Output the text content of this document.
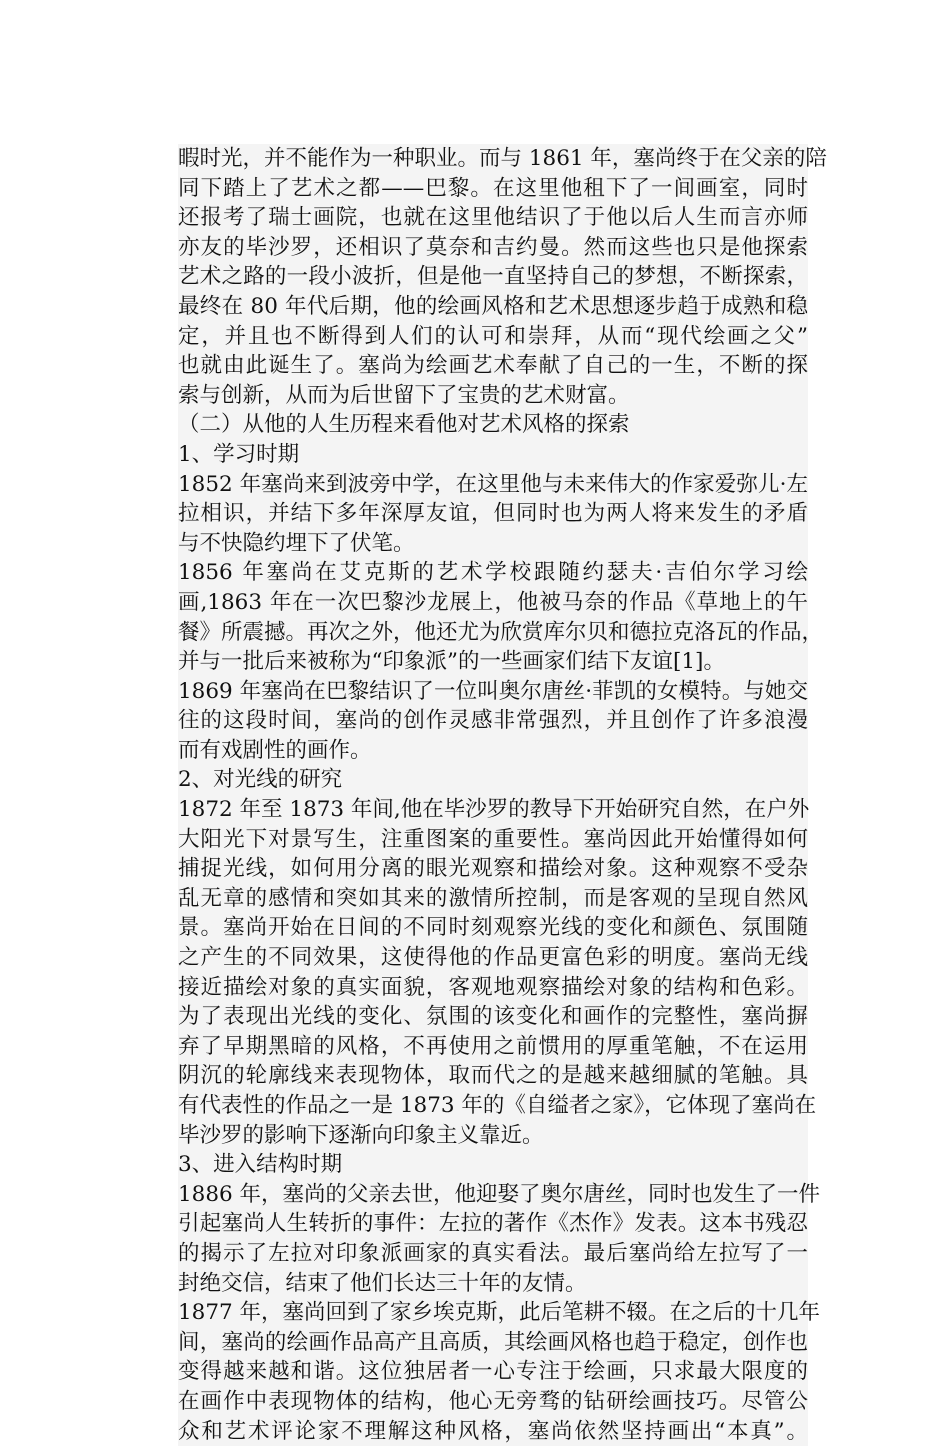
暇时光，并不能作为一种职业。而与 1861 年，塞尚终于在父亲的陪
同下踏上了艺术之都——巴黎。在这里他租下了一间画室，同时
还报考了瑞士画院，也就在这里他结识了于他以后人生而言亦师
亦友的毕沙罗，还相识了莫奈和吉约曼。然而这些也只是他探索
艺术之路的一段小波折，但是他一直坚持自己的梦想，不断探索，
最终在 80 年代后期，他的绘画风格和艺术思想逐步趋于成熟和稳
定，并且也不断得到人们的认可和崇拜，从而“现代绘画之父”
也就由此诞生了。塞尚为绘画艺术奉献了自己的一生，不断的探
索与创新，从而为后世留下了宝贵的艺术财富。

（二）从他的人生历程来看他对艺术风格的探索

1、学习时期

1852 年塞尚来到波旁中学，在这里他与未来伟大的作家爱弥儿·左
拉相识，并结下多年深厚友谊，但同时也为两人将来发生的矛盾
与不快隐约埋下了伏笔。

1856 年塞尚在艾克斯的艺术学校跟随约瑟夫·吉伯尔学习绘
画,1863 年在一次巴黎沙龙展上，他被马奈的作品《草地上的午
餐》所震撼。再次之外，他还尤为欣赏库尔贝和德拉克洛瓦的作品，
并与一批后来被称为“印象派”的一些画家们结下友谊[1]。

1869 年塞尚在巴黎结识了一位叫奥尔唐丝·菲凯的女模特。与她交
往的这段时间，塞尚的创作灵感非常强烈，并且创作了许多浪漫
而有戏剧性的画作。

2、对光线的研究

1872 年至 1873 年间,他在毕沙罗的教导下开始研究自然，在户外
大阳光下对景写生，注重图案的重要性。塞尚因此开始懂得如何
捕捉光线，如何用分离的眼光观察和描绘对象。这种观察不受杂
乱无章的感情和突如其来的激情所控制，而是客观的呈现自然风
景。塞尚开始在日间的不同时刻观察光线的变化和颜色、氛围随
之产生的不同效果，这使得他的作品更富色彩的明度。塞尚无线
接近描绘对象的真实面貌，客观地观察描绘对象的结构和色彩。
为了表现出光线的变化、氛围的该变化和画作的完整性，塞尚摒
弃了早期黑暗的风格，不再使用之前惯用的厚重笔触，不在运用
阴沉的轮廓线来表现物体，取而代之的是越来越细腻的笔触。具
有代表性的作品之一是 1873 年的《自缢者之家》，它体现了塞尚在
毕沙罗的影响下逐渐向印象主义靠近。

3、进入结构时期

1886 年，塞尚的父亲去世，他迎娶了奥尔唐丝，同时也发生了一件
引起塞尚人生转折的事件：左拉的著作《杰作》发表。这本书残忍
的揭示了左拉对印象派画家的真实看法。最后塞尚给左拉写了一
封绝交信，结束了他们长达三十年的友情。

1877 年，塞尚回到了家乡埃克斯，此后笔耕不辍。在之后的十几年
间，塞尚的绘画作品高产且高质，其绘画风格也趋于稳定，创作也
变得越来越和谐。这位独居者一心专注于绘画，只求最大限度的
在画作中表现物体的结构，他心无旁骛的钻研绘画技巧。尽管公
众和艺术评论家不理解这种风格，塞尚依然坚持画出“本真”。
